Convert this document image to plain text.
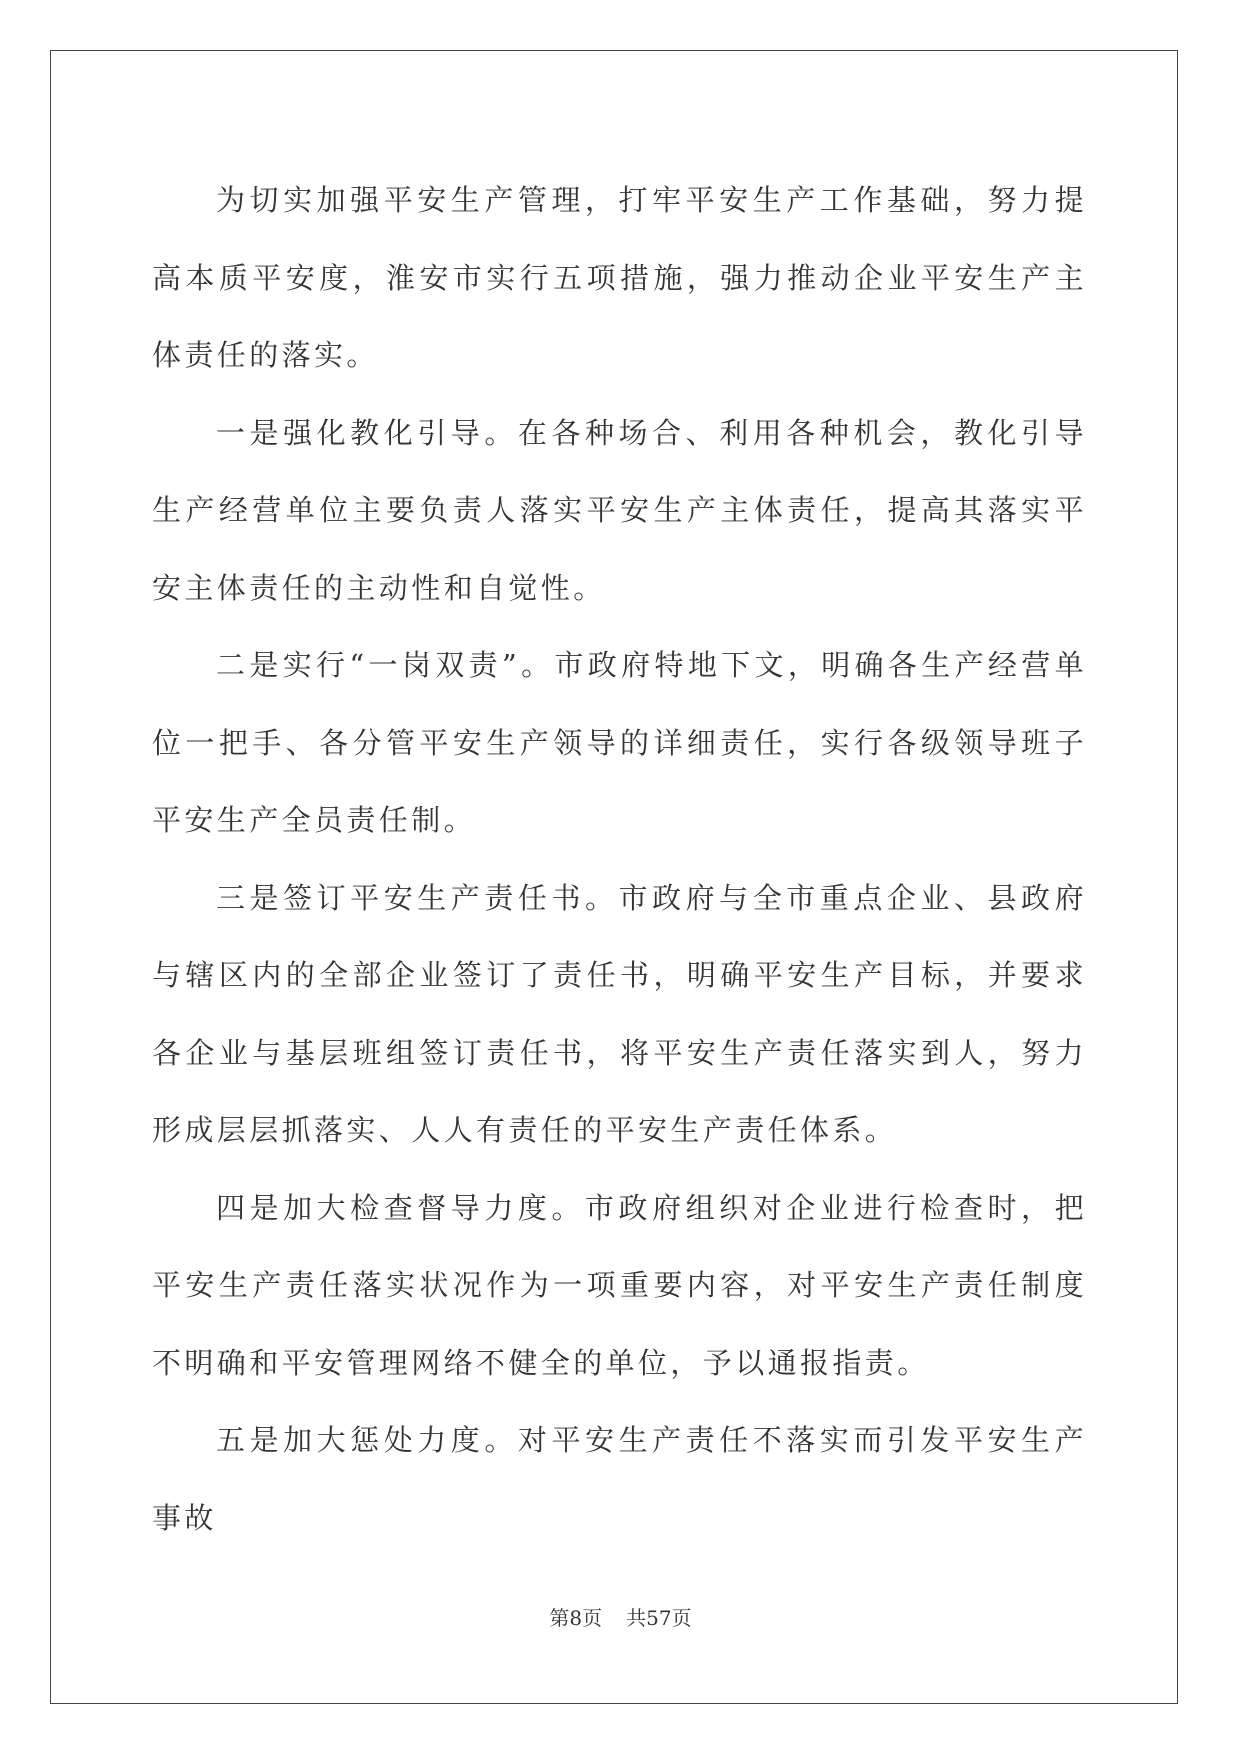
为切实加强平安生产管理，打牢平安生产工作基础，努力提高本质平安度，淮安市实行五项措施，强力推动企业平安生产主体责任的落实。

一是强化教化引导。在各种场合、利用各种机会，教化引导生产经营单位主要负责人落实平安生产主体责任，提高其落实平安主体责任的主动性和自觉性。

二是实行“一岗双责”。市政府特地下文，明确各生产经营单位一把手、各分管平安生产领导的详细责任，实行各级领导班子平安生产全员责任制。

三是签订平安生产责任书。市政府与全市重点企业、县政府与辖区内的全部企业签订了责任书，明确平安生产目标，并要求各企业与基层班组签订责任书，将平安生产责任落实到人，努力形成层层抓落实、人人有责任的平安生产责任体系。

四是加大检查督导力度。市政府组织对企业进行检查时，把平安生产责任落实状况作为一项重要内容，对平安生产责任制度不明确和平安管理网络不健全的单位，予以通报指责。

五是加大惩处力度。对平安生产责任不落实而引发平安生产事故

第8页 共57页
